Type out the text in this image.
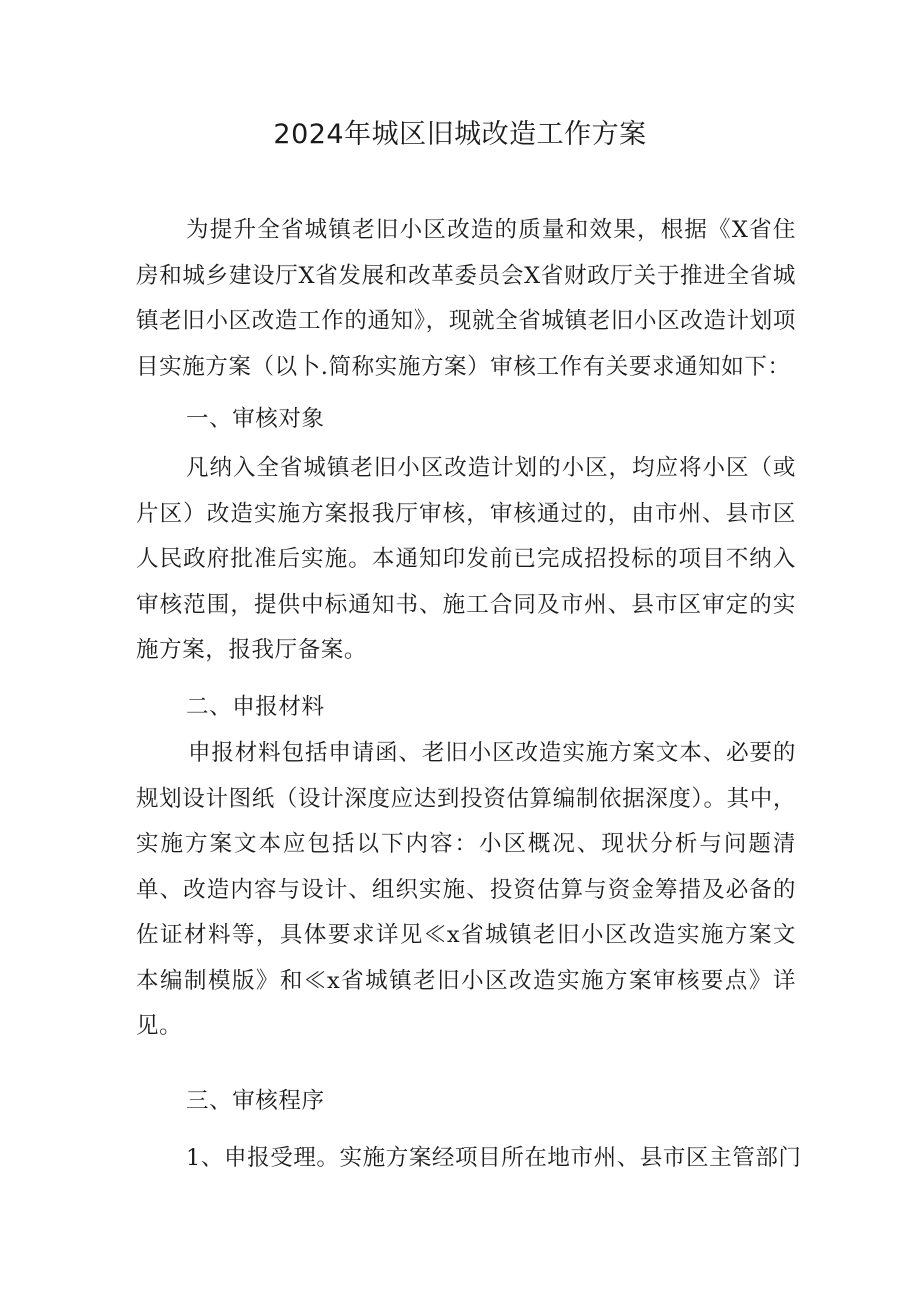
2024年城区旧城改造工作方案

为提升全省城镇老旧小区改造的质量和效果，根据《X省住房和城乡建设厅X省发展和改革委员会X省财政厅关于推进全省城镇老旧小区改造工作的通知》，现就全省城镇老旧小区改造计划项目实施方案（以卜.简称实施方案）审核工作有关要求通知如下：

一、审核对象

凡纳入全省城镇老旧小区改造计划的小区，均应将小区（或片区）改造实施方案报我厅审核，审核通过的，由市州、县市区人民政府批准后实施。本通知印发前已完成招投标的项目不纳入审核范围，提供中标通知书、施工合同及市州、县市区审定的实施方案，报我厅备案。

二、申报材料

申报材料包括申请函、老旧小区改造实施方案文本、必要的规划设计图纸（设计深度应达到投资估算编制依据深度）。其中，实施方案文本应包括以下内容：小区概况、现状分析与问题清单、改造内容与设计、组织实施、投资估算与资金筹措及必备的佐证材料等，具体要求详见≪x省城镇老旧小区改造实施方案文本编制模版》和≪x省城镇老旧小区改造实施方案审核要点》详见。

三、审核程序

1、申报受理。实施方案经项目所在地市州、县市区主管部门
